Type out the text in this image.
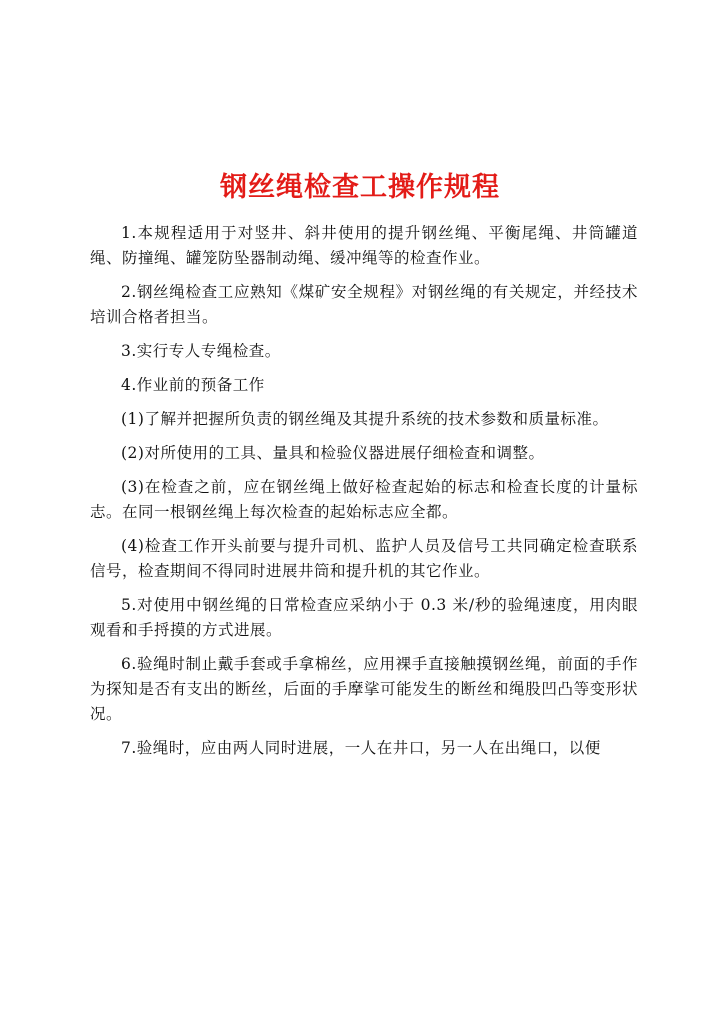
钢丝绳检查工操作规程

1.本规程适用于对竖井、斜井使用的提升钢丝绳、平衡尾绳、井筒罐道绳、防撞绳、罐笼防坠器制动绳、缓冲绳等的检查作业。

2.钢丝绳检查工应熟知《煤矿安全规程》对钢丝绳的有关规定，并经技术培训合格者担当。

3.实行专人专绳检查。

4.作业前的预备工作

(1)了解并把握所负责的钢丝绳及其提升系统的技术参数和质量标准。

(2)对所使用的工具、量具和检验仪器进展仔细检查和调整。

(3)在检查之前，应在钢丝绳上做好检查起始的标志和检查长度的计量标志。在同一根钢丝绳上每次检查的起始标志应全都。

(4)检查工作开头前要与提升司机、监护人员及信号工共同确定检查联系信号，检查期间不得同时进展井筒和提升机的其它作业。

5.对使用中钢丝绳的日常检查应采纳小于 0.3 米/秒的验绳速度，用肉眼观看和手捋摸的方式进展。

6.验绳时制止戴手套或手拿棉丝，应用裸手直接触摸钢丝绳，前面的手作为探知是否有支出的断丝，后面的手摩挲可能发生的断丝和绳股凹凸等变形状况。

7.验绳时，应由两人同时进展，一人在井口，另一人在出绳口，以便
